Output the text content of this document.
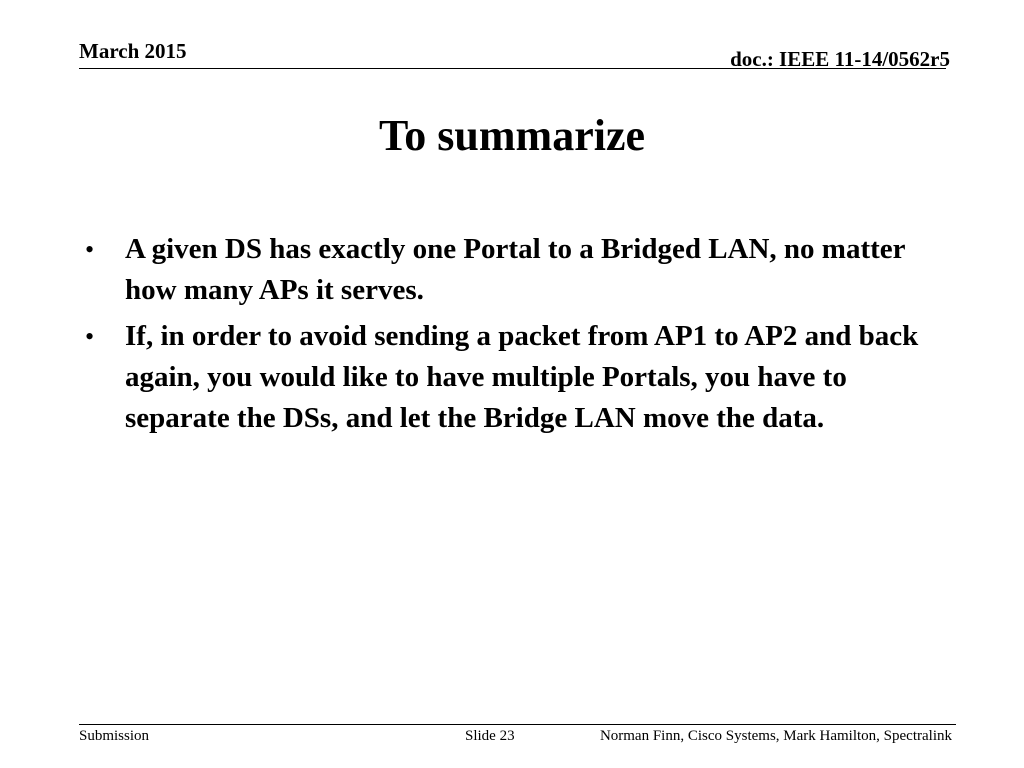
March 2015	doc.: IEEE 11-14/0562r5
To summarize
• A given DS has exactly one Portal to a Bridged LAN, no matter how many APs it serves.
• If, in order to avoid sending a packet from AP1 to AP2 and back again, you would like to have multiple Portals, you have to separate the DSs, and let the Bridge LAN move the data.
Submission	Slide 23	Norman Finn, Cisco Systems, Mark Hamilton, Spectralink
